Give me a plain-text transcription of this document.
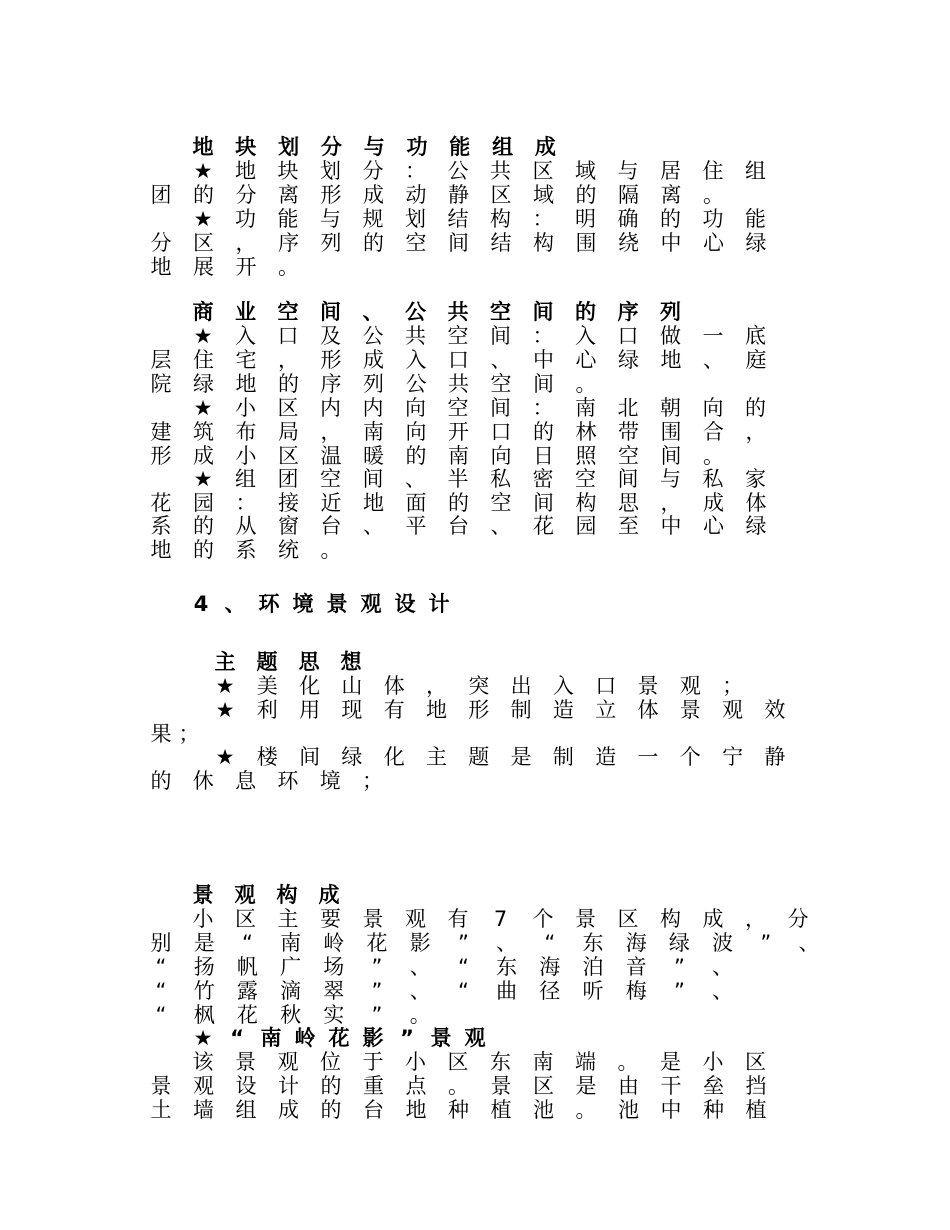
地 块 划 分 与 功 能 组 成
★ 地 块 划 分 ： 公 共 区 域 与 居 住 组
团 的 分 离 形 成 动 静 区 域 的 隔 离 。
★ 功 能 与 规 划 结 构 ： 明 确 的 功 能
分 区 ， 序 列 的 空 间 结 构 围 绕 中 心 绿
地 展 开 。
商 业 空 间 、 公 共 空 间 的 序 列
★ 入 口 及 公 共 空 间 ： 入 口 做 一 底
层 住 宅 ， 形 成 入 口 、 中 心 绿 地 、 庭
院 绿 地 的 序 列 公 共 空 间 。
★ 小 区 内 内 向 空 间 ： 南 北 朝 向 的
建 筑 布 局 ， 南 向 开 口 的 林 带 围 合 ，
形 成 小 区 温 暖 的 南 向 日 照 空 间 。
★ 组 团 空 间 、 半 私 密 空 间 与 私 家
花 园 ： 接 近 地 面 的 空 间 构 思 ， 成 体
系 的 从 窗 台 、 平 台 、 花 园 至 中 心 绿
地 的 系 统 。
4 、 环 境 景 观 设 计
主 题 思 想
★ 美 化 山 体 ， 突 出 入 口 景 观 ；
★ 利 用 现 有 地 形 制 造 立 体 景 观 效
果 ；
★ 楼 间 绿 化 主 题 是 制 造 一 个 宁 静
的 休 息 环 境 ；
景 观 构 成
小 区 主 要 景 观 有 7 个 景 区 构 成 ， 分
别 是	“	南 岭 花 影	”	、	“	东 海 绿 波	”	、
“	扬 帆 广 场	”	、	“	东 海 泊 音	”	、
“	竹 露 滴 翠	”	、	“	曲 径 听 梅	”	、
“	枫 花 秋 实	”	。
★ “ 南 岭 花 影 ” 景 观
该 景 观 位 于 小 区 东 南 端 。 是 小 区
景 观 设 计 的 重 点 。 景 区 是 由 干 垒 挡
土 墙 组 成 的 台 地 种 植 池 。 池 中 种 植
